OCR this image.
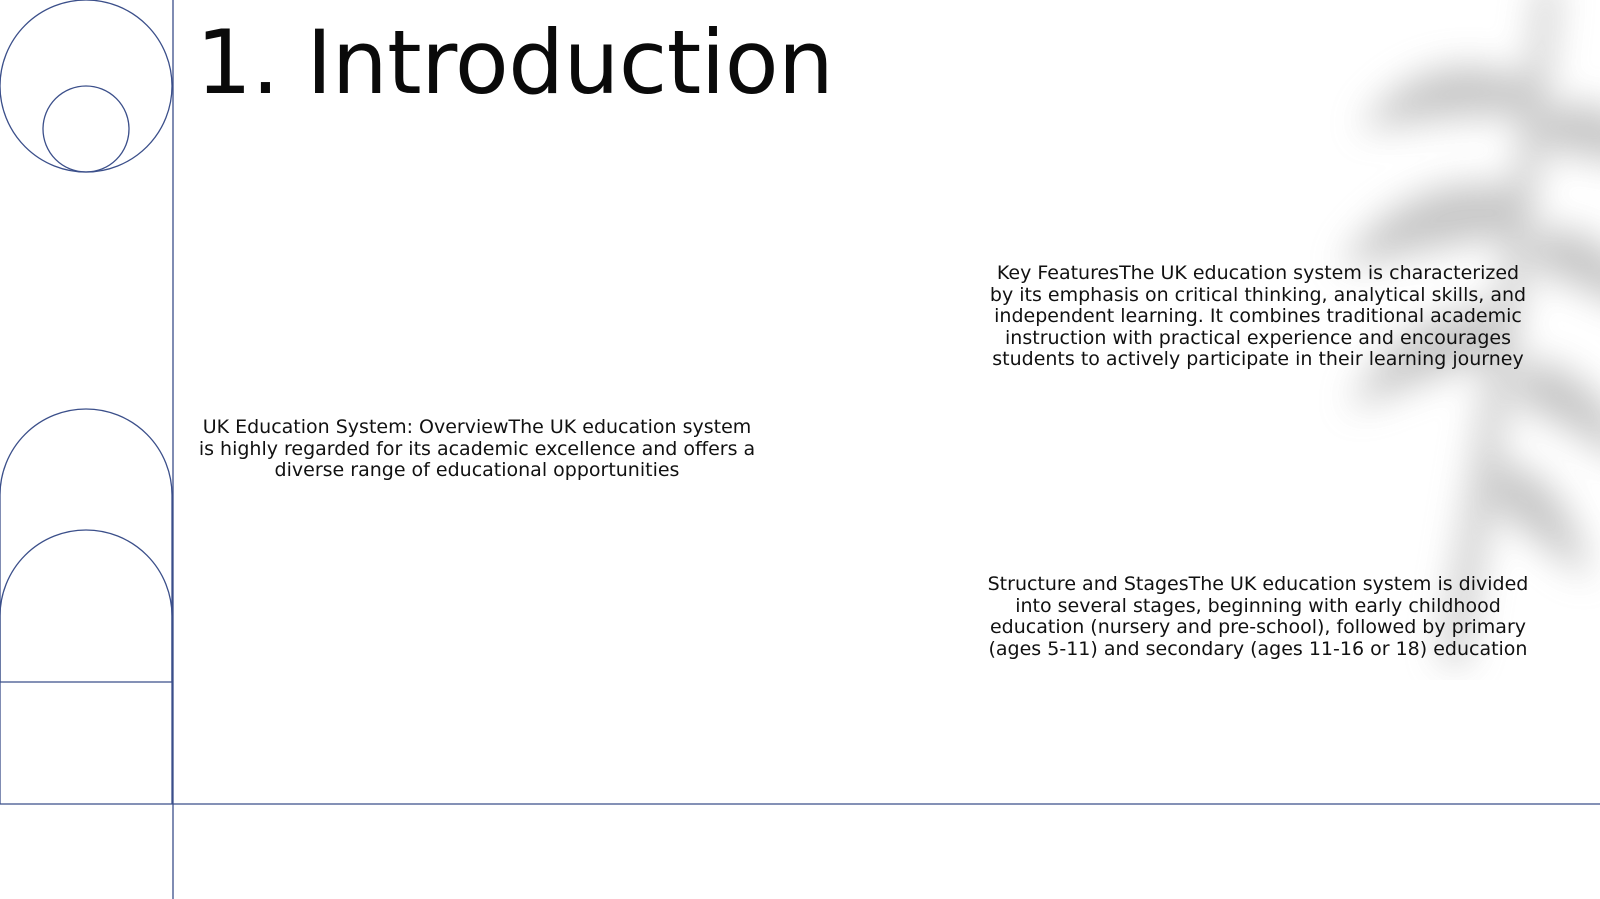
1. Introduction

UK Education System: OverviewThe UK education system is highly regarded for its academic excellence and offers a diverse range of educational opportunities

Key FeaturesThe UK education system is characterized by its emphasis on critical thinking, analytical skills, and independent learning. It combines traditional academic instruction with practical experience and encourages students to actively participate in their learning journey

Structure and StagesThe UK education system is divided into several stages, beginning with early childhood education (nursery and pre-school), followed by primary (ages 5-11) and secondary (ages 11-16 or 18) education
